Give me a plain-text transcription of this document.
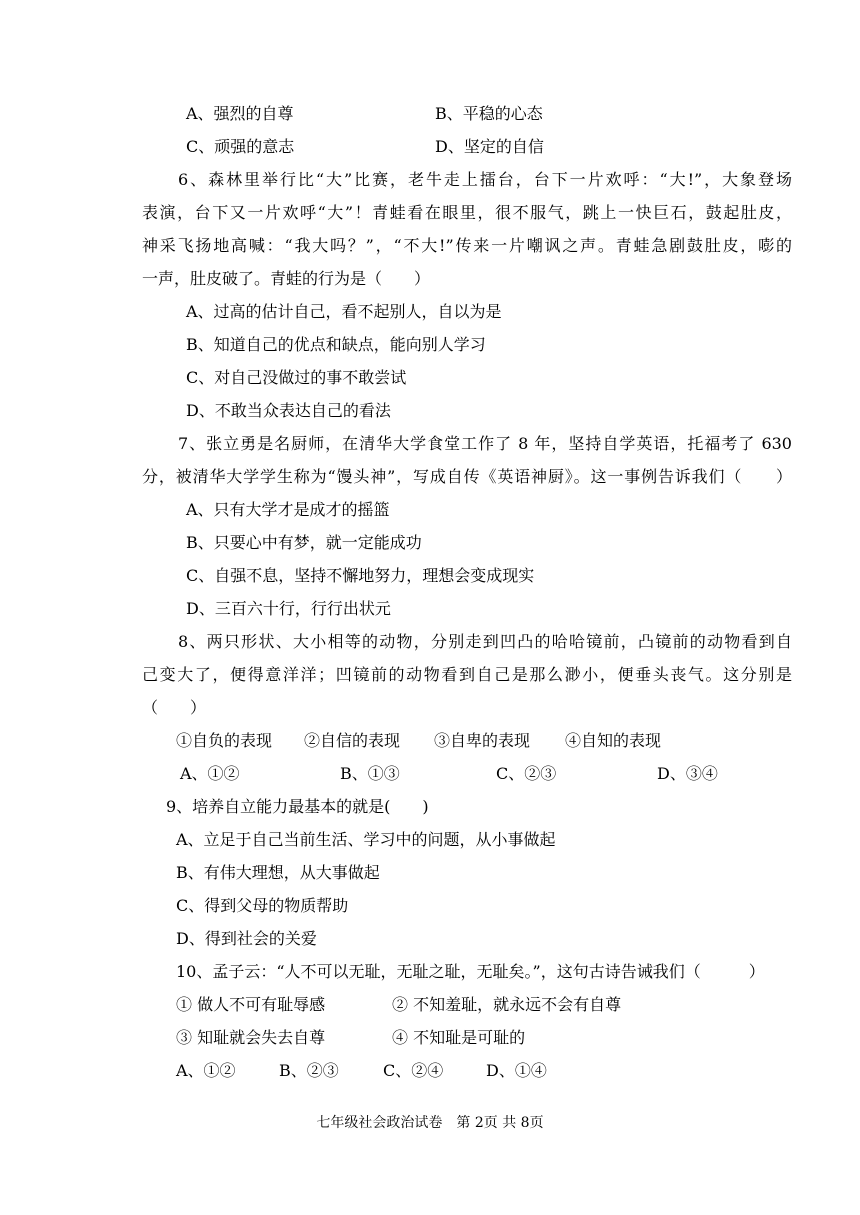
A、强烈的自尊	B、平稳的心态
C、顽强的意志	D、坚定的自信
6、森林里举行比“大”比赛，老牛走上擂台，台下一片欢呼：“大!”，大象登场
表演，台下又一片欢呼“大”！青蛙看在眼里，很不服气，跳上一快巨石，鼓起肚皮，
神采飞扬地高喊：“我大吗？”，“不大!”传来一片嘲讽之声。青蛙急剧鼓肚皮，嘭的
一声，肚皮破了。青蛙的行为是（　　）
A、过高的估计自己，看不起别人，自以为是
B、知道自己的优点和缺点，能向别人学习
C、对自己没做过的事不敢尝试
D、不敢当众表达自己的看法
7、张立勇是名厨师，在清华大学食堂工作了 8 年，坚持自学英语，托福考了 630
分，被清华大学学生称为“馒头神”，写成自传《英语神厨》。这一事例告诉我们（　　）
A、只有大学才是成才的摇篮
B、只要心中有梦，就一定能成功
C、自强不息，坚持不懈地努力，理想会变成现实
D、三百六十行，行行出状元
8、两只形状、大小相等的动物，分别走到凹凸的哈哈镜前，凸镜前的动物看到自
己变大了，便得意洋洋；凹镜前的动物看到自己是那么渺小，便垂头丧气。这分别是
（　　）
①自负的表现 ②自信的表现 ③自卑的表现 ④自知的表现
A、①②	B、①③	C、②③	D、③④
9、培养自立能力最基本的就是(　　)
A、立足于自己当前生活、学习中的问题，从小事做起
B、有伟大理想，从大事做起
C、得到父母的物质帮助
D、得到社会的关爱
10、孟子云：“人不可以无耻，无耻之耻，无耻矣。”，这句古诗告诫我们（　　　）
① 做人不可有耻辱感	② 不知羞耻，就永远不会有自尊
③ 知耻就会失去自尊	④ 不知耻是可耻的
A、①②	B、②③	C、②④	D、①④
七年级社会政治试卷　第 2页 共 8页
